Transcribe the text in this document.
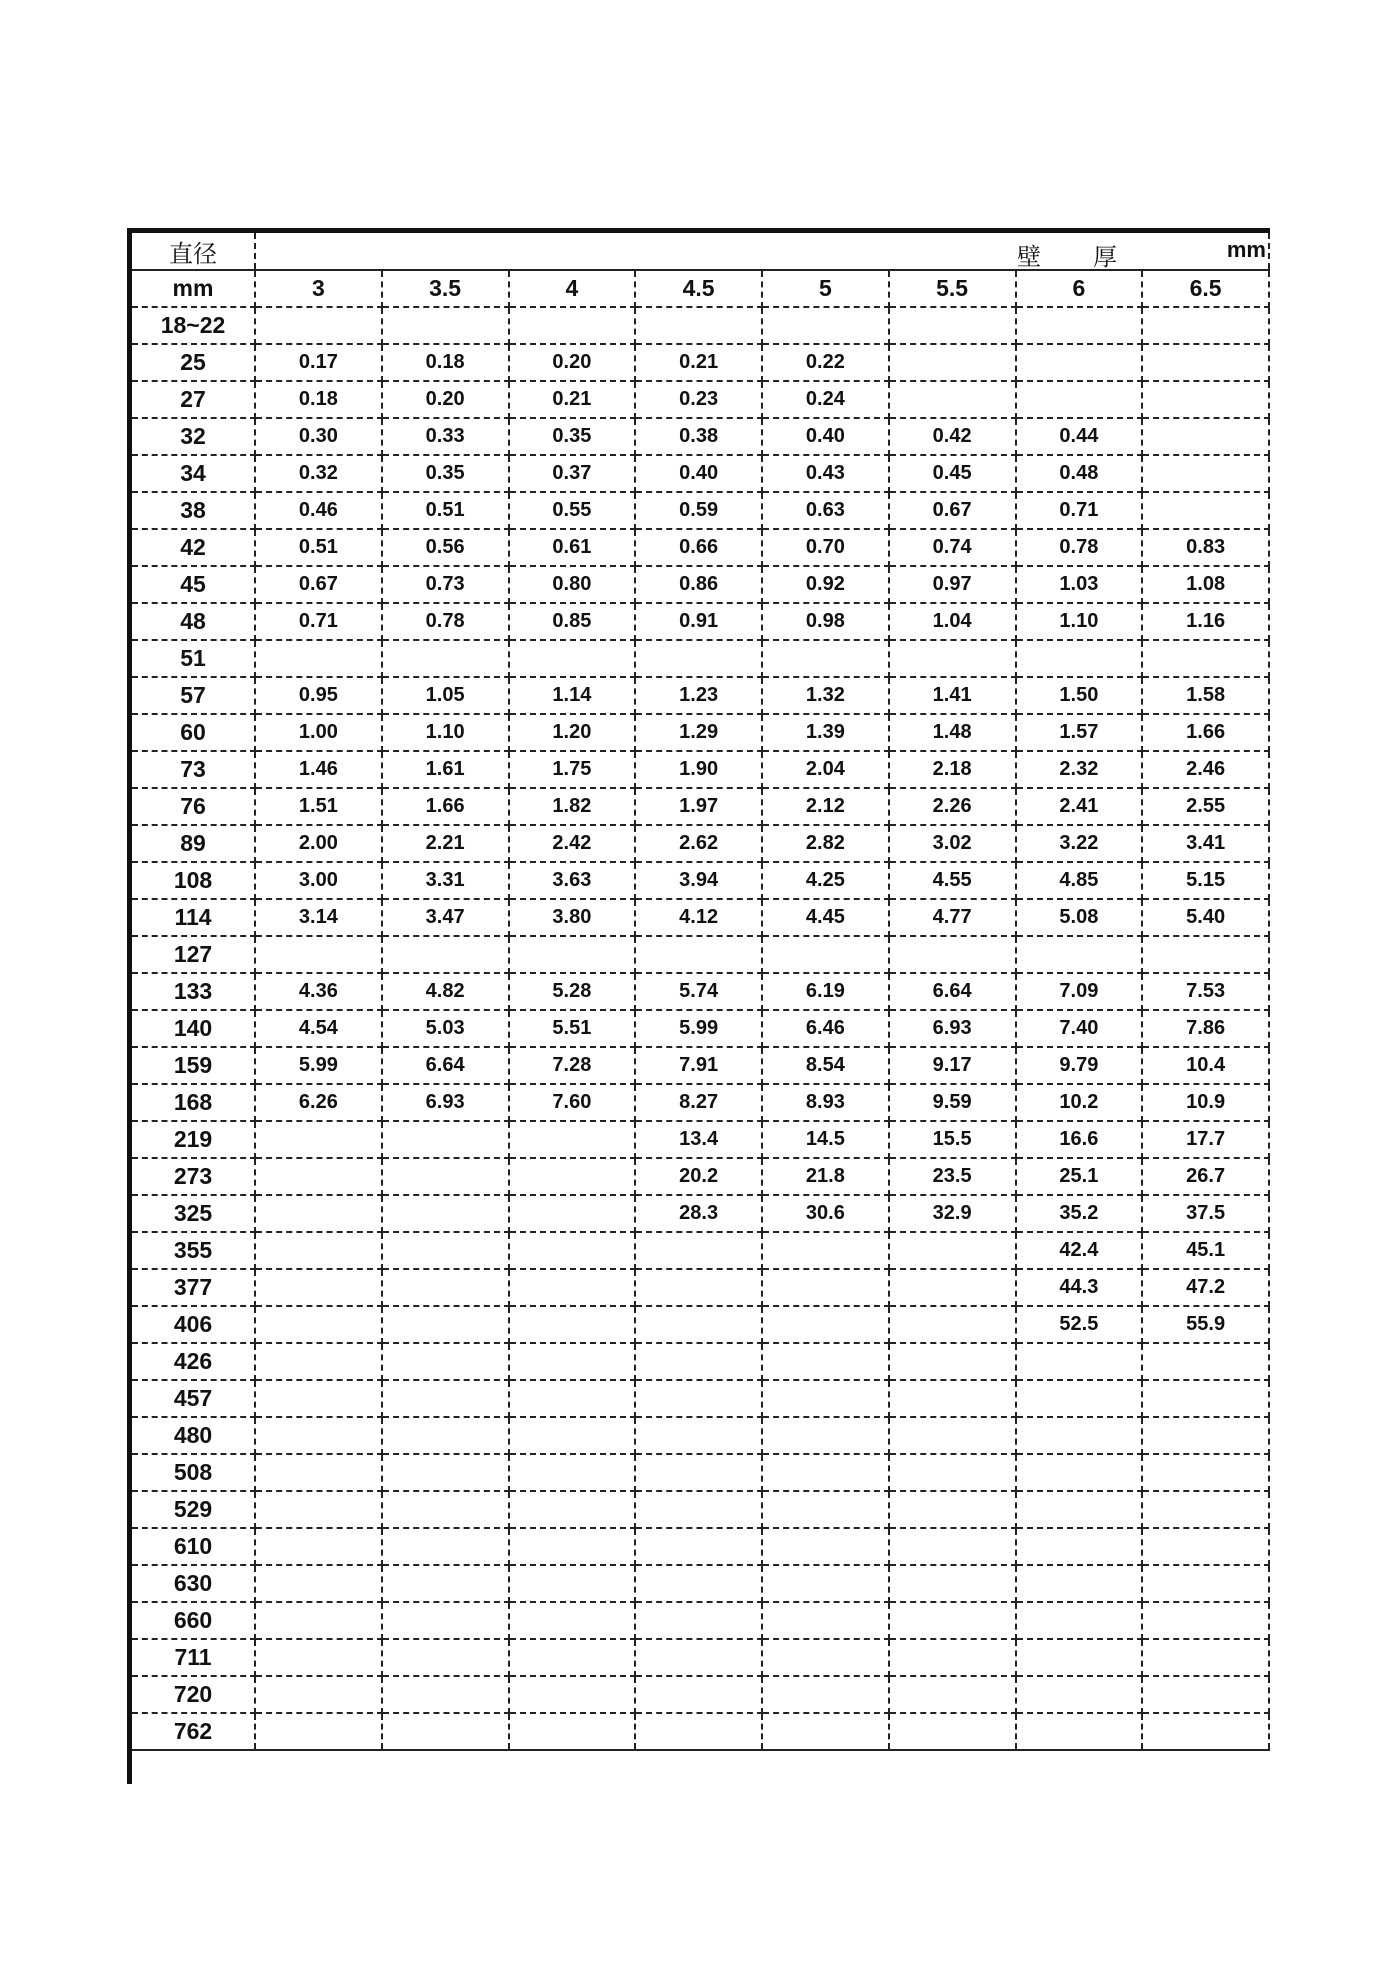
直径	壁 厚 mm							

mm	3	3.5	4	4.5	5	5.5	6	6.5
18~22								
25	0.17	0.18	0.20	0.21	0.22			
27	0.18	0.20	0.21	0.23	0.24			
32	0.30	0.33	0.35	0.38	0.40	0.42	0.44	
34	0.32	0.35	0.37	0.40	0.43	0.45	0.48	
38	0.46	0.51	0.55	0.59	0.63	0.67	0.71	
42	0.51	0.56	0.61	0.66	0.70	0.74	0.78	0.83
45	0.67	0.73	0.80	0.86	0.92	0.97	1.03	1.08
48	0.71	0.78	0.85	0.91	0.98	1.04	1.10	1.16
51								
57	0.95	1.05	1.14	1.23	1.32	1.41	1.50	1.58
60	1.00	1.10	1.20	1.29	1.39	1.48	1.57	1.66
73	1.46	1.61	1.75	1.90	2.04	2.18	2.32	2.46
76	1.51	1.66	1.82	1.97	2.12	2.26	2.41	2.55
89	2.00	2.21	2.42	2.62	2.82	3.02	3.22	3.41
108	3.00	3.31	3.63	3.94	4.25	4.55	4.85	5.15
114	3.14	3.47	3.80	4.12	4.45	4.77	5.08	5.40
127								
133	4.36	4.82	5.28	5.74	6.19	6.64	7.09	7.53
140	4.54	5.03	5.51	5.99	6.46	6.93	7.40	7.86
159	5.99	6.64	7.28	7.91	8.54	9.17	9.79	10.4
168	6.26	6.93	7.60	8.27	8.93	9.59	10.2	10.9
219				13.4	14.5	15.5	16.6	17.7
273				20.2	21.8	23.5	25.1	26.7
325				28.3	30.6	32.9	35.2	37.5
355							42.4	45.1
377							44.3	47.2
406							52.5	55.9
426								
457								
480								
508								
529								
610								
630								
660								
711								
720								
762								
